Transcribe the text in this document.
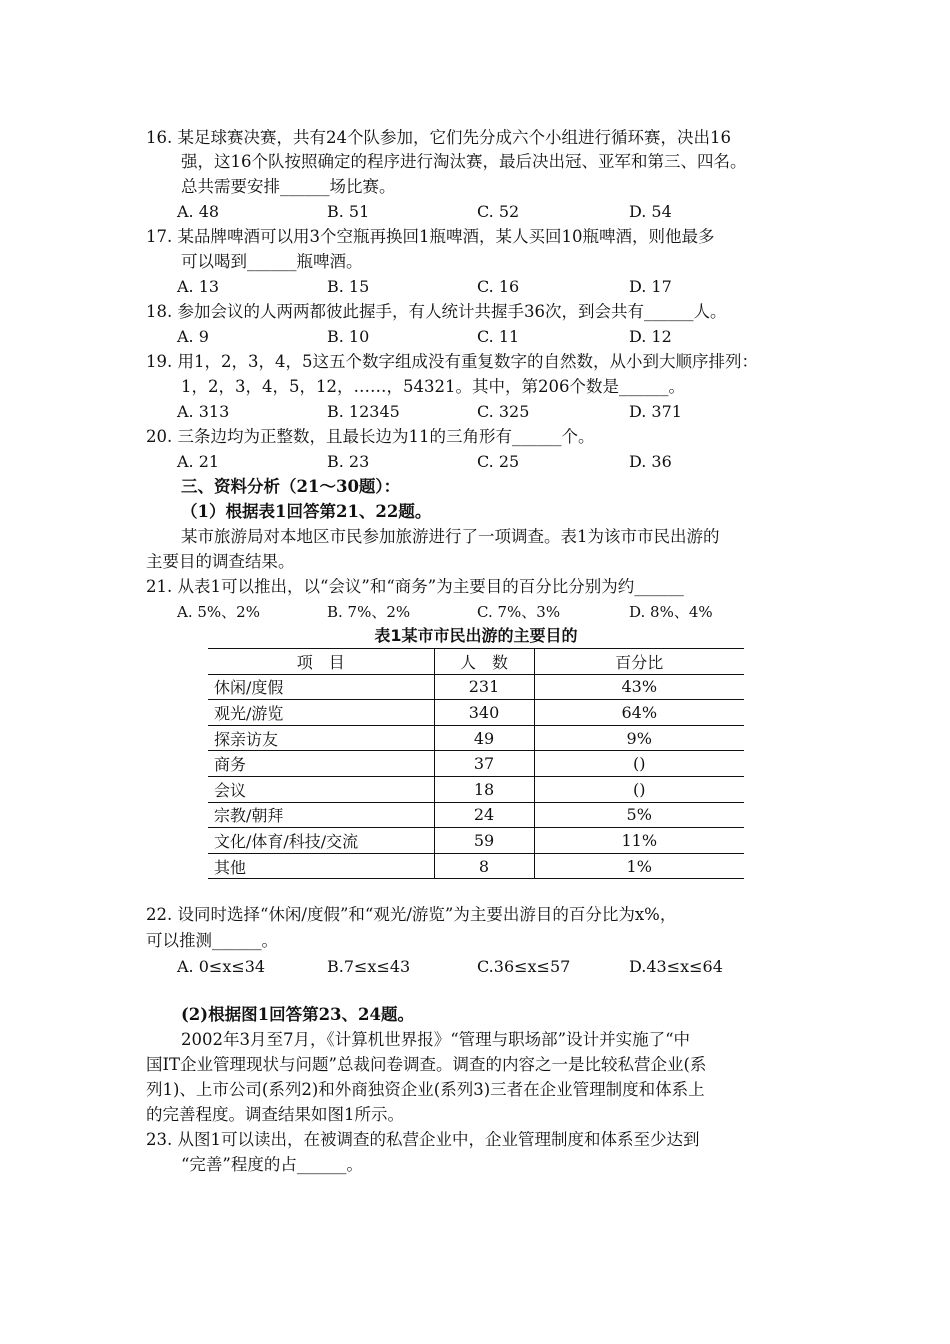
16. 某足球赛决赛，共有24个队参加，它们先分成六个小组进行循环赛，决出16
强，这16个队按照确定的程序进行淘汰赛，最后决出冠、亚军和第三、四名。
总共需要安排______场比赛。
A. 48	B. 51	C. 52	D. 54
17. 某品牌啤酒可以用3个空瓶再换回1瓶啤酒，某人买回10瓶啤酒，则他最多
可以喝到______瓶啤酒。
A. 13	B. 15	C. 16	D. 17
18. 参加会议的人两两都彼此握手，有人统计共握手36次，到会共有______人。
A. 9	B. 10	C. 11	D. 12
19. 用1，2，3，4，5这五个数字组成没有重复数字的自然数，从小到大顺序排列：
1，2，3，4，5，12，……，54321。其中，第206个数是______。
A. 313	B. 12345	C. 325	D. 371
20. 三条边均为正整数，且最长边为11的三角形有______个。
A. 21	B. 23	C. 25	D. 36
三、资料分析（21～30题）：
（1）根据表1回答第21、22题。
某市旅游局对本地区市民参加旅游进行了一项调查。表1为该市市民出游的
主要目的调查结果。
21. 从表1可以推出，以“会议”和“商务”为主要目的百分比分别为约______
A. 5%、2%	B. 7%、2%	C. 7%、3%	D. 8%、4%
表1某市市民出游的主要目的
项　目	人　数	百分比
休闲/度假	231	43%
观光/游览	340	64%
探亲访友	49	9%
商务	37	()
会议	18	()
宗教/朝拜	24	5%
文化/体育/科技/交流	59	11%
其他	8	1%
22. 设同时选择“休闲/度假”和“观光/游览”为主要出游目的百分比为x%，
可以推测______。
A. 0≤x≤34	B.7≤x≤43	C.36≤x≤57	D.43≤x≤64
(2)根据图1回答第23、24题。
2002年3月至7月，《计算机世界报》“管理与职场部”设计并实施了“中
国IT企业管理现状与问题”总裁问卷调查。调查的内容之一是比较私营企业(系
列1)、上市公司(系列2)和外商独资企业(系列3)三者在企业管理制度和体系上
的完善程度。调查结果如图1所示。
23. 从图1可以读出，在被调查的私营企业中，企业管理制度和体系至少达到
“完善”程度的占______。
